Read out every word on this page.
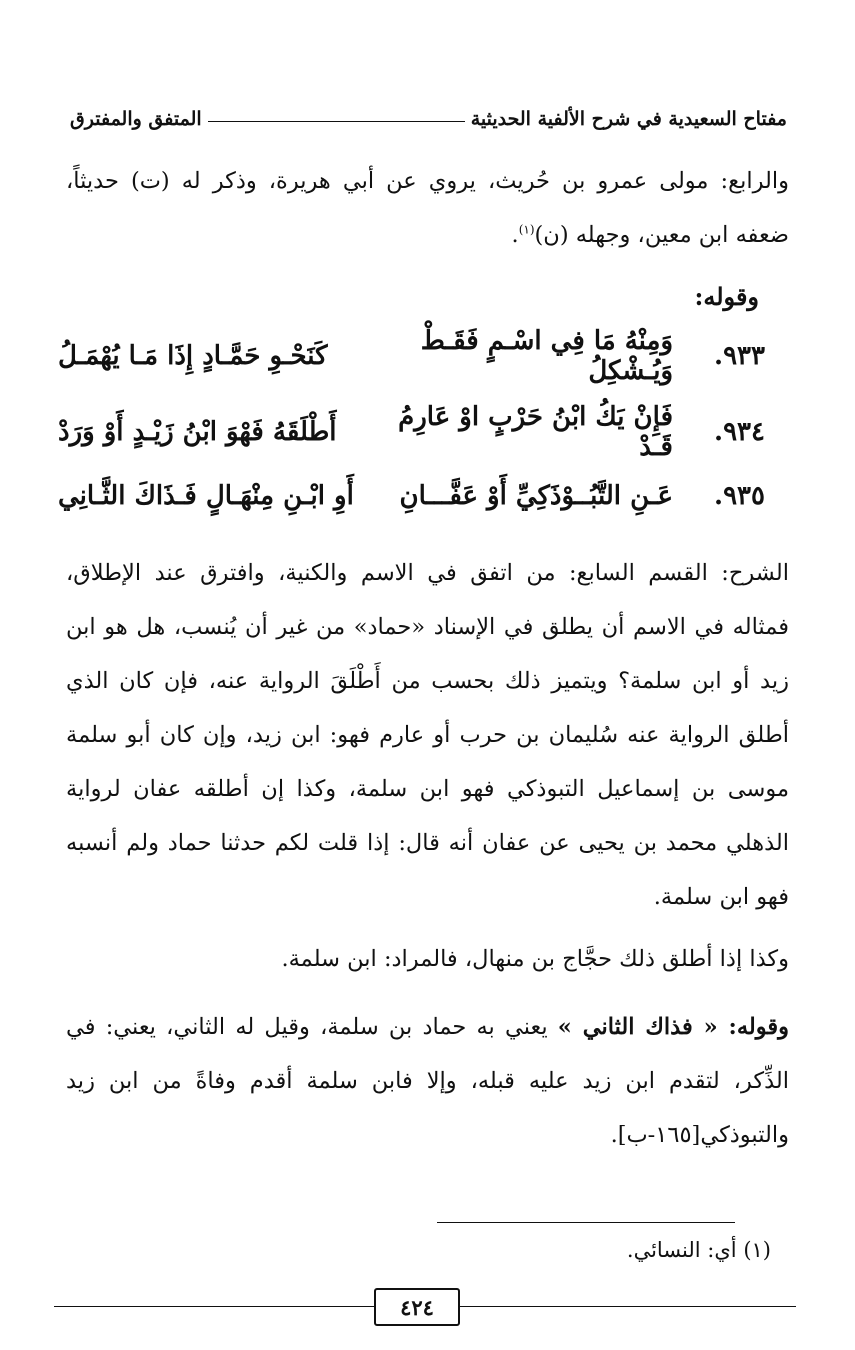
مفتاح السعيدية في شرح الألفية الحديثية
المتفق والمفترق
والرابع: مولى عمرو بن حُريث، يروي عن أبي هريرة، وذكر له (ت) حديثاً، ضعفه ابن معين، وجهله (ن)$^{(١)}$.
وقوله:
٩٣٣.
وَمِنْهُ مَا فِي اسْـمٍ فَقَـطْ وَيُـشْكِلُ
كَنَحْـوِ حَمَّـادٍ إِذَا مَـا يُهْمَـلُ
٩٣٤.
فَإِنْ يَكُ ابْنُ حَرْبٍ اوْ عَارِمُ قَـدْ
أَطْلَقَهُ فَهْوَ ابْنُ زَيْـدٍ أَوْ وَرَدْ
٩٣٥.
عَـنِ التَّبُــوْذَكِيِّ أَوْ عَفَّـــانِ
أَوِ ابْـنِ مِنْهَـالٍ فَـذَاكَ الثَّـانِي
الشرح: القسم السابع: من اتفق في الاسم والكنية، وافترق عند الإطلاق، فمثاله في الاسم أن يطلق في الإسناد «حماد» من غير أن يُنسب، هل هو ابن زيد أو ابن سلمة؟ ويتميز ذلك بحسب من أَطْلَقَ الرواية عنه، فإن كان الذي أطلق الرواية عنه سُليمان بن حرب أو عارم فهو: ابن زيد، وإن كان أبو سلمة موسى بن إسماعيل التبوذكي فهو ابن سلمة، وكذا إن أطلقه عفان لرواية الذهلي محمد بن يحيى عن عفان أنه قال: إذا قلت لكم حدثنا حماد ولم أنسبه فهو ابن سلمة.
وكذا إذا أطلق ذلك حجَّاج بن منهال، فالمراد: ابن سلمة.
وقوله: « فذاك الثاني » يعني به حماد بن سلمة، وقيل له الثاني، يعني: في الذِّكر، لتقدم ابن زيد عليه قبله، وإلا فابن سلمة أقدم وفاةً من ابن زيد والتبوذكي[١٦٥-ب].
(١) أي: النسائي.
٤٢٤
